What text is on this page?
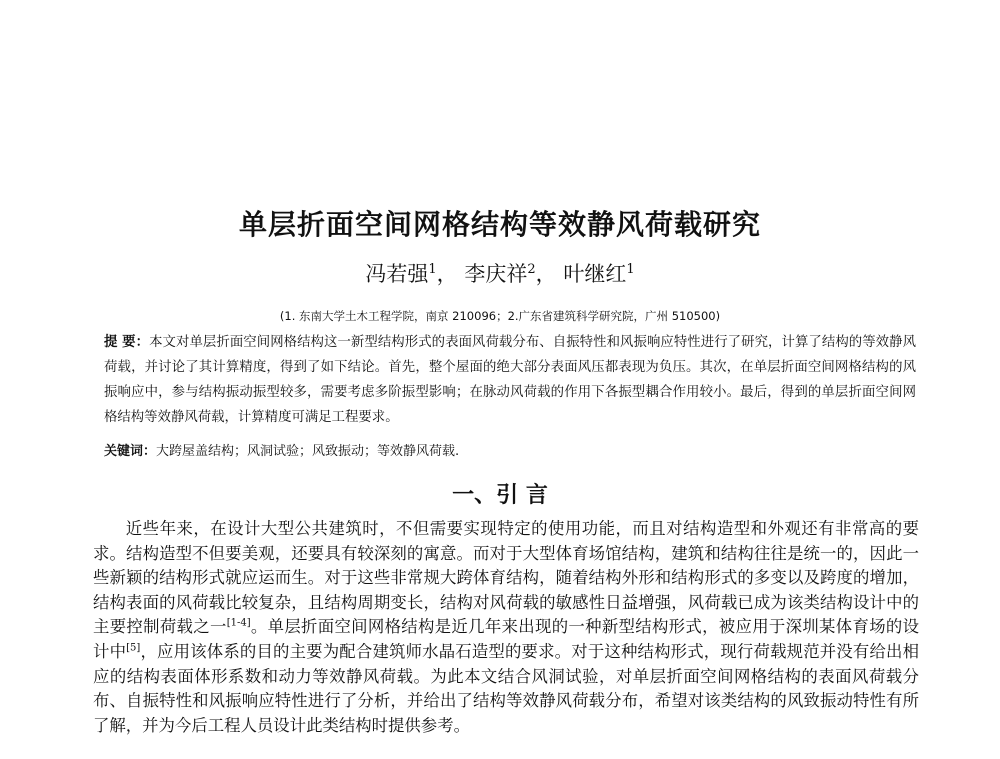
单层折面空间网格结构等效静风荷载研究
冯若强$^1$， 李庆祥$^2$， 叶继红$^1$
(1. 东南大学土木工程学院，南京 210096；2.广东省建筑科学研究院，广州 510500)
提 要：本文对单层折面空间网格结构这一新型结构形式的表面风荷载分布、自振特性和风振响应特性进行了研究，计算了结构的等效静风荷载，并讨论了其计算精度，得到了如下结论。首先，整个屋面的绝大部分表面风压都表现为负压。其次，在单层折面空间网格结构的风振响应中，参与结构振动振型较多，需要考虑多阶振型影响；在脉动风荷载的作用下各振型耦合作用较小。最后，得到的单层折面空间网格结构等效静风荷载，计算精度可满足工程要求。
关键词：大跨屋盖结构；风洞试验；风致振动；等效静风荷载.
一、引 言
近些年来，在设计大型公共建筑时，不但需要实现特定的使用功能，而且对结构造型和外观还有非常高的要求。结构造型不但要美观，还要具有较深刻的寓意。而对于大型体育场馆结构，建筑和结构往往是统一的，因此一些新颖的结构形式就应运而生。对于这些非常规大跨体育结构，随着结构外形和结构形式的多变以及跨度的增加，结构表面的风荷载比较复杂，且结构周期变长，结构对风荷载的敏感性日益增强，风荷载已成为该类结构设计中的主要控制荷载之一[1-4]。单层折面空间网格结构是近几年来出现的一种新型结构形式，被应用于深圳某体育场的设计中[5]，应用该体系的目的主要为配合建筑师水晶石造型的要求。对于这种结构形式，现行荷载规范并没有给出相应的结构表面体形系数和动力等效静风荷载。为此本文结合风洞试验，对单层折面空间网格结构的表面风荷载分布、自振特性和风振响应特性进行了分析，并给出了结构等效静风荷载分布，希望对该类结构的风致振动特性有所了解，并为今后工程人员设计此类结构时提供参考。
